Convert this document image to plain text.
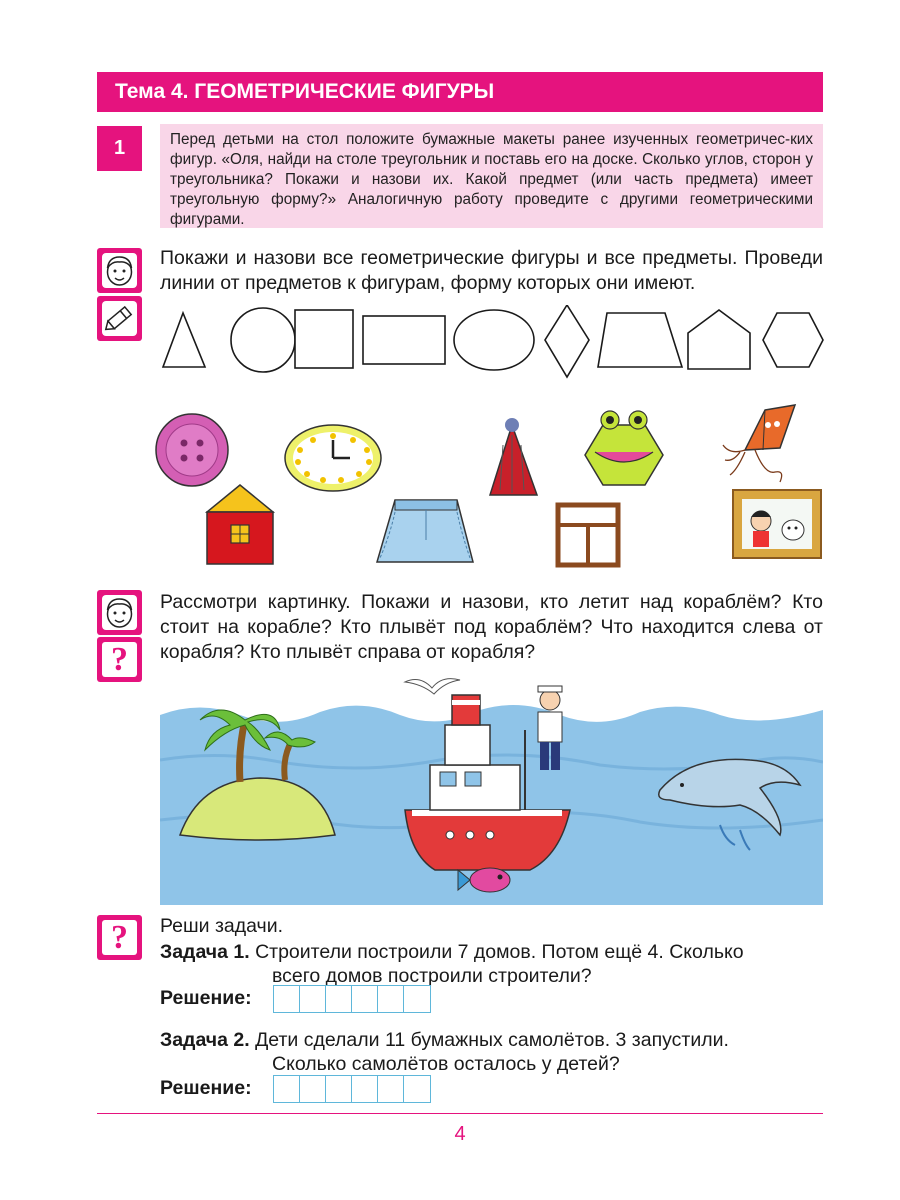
Тема 4. ГЕОМЕТРИЧЕСКИЕ ФИГУРЫ
1	Перед детьми на стол положите бумажные макеты ранее изученных геометричес-ких фигур. «Оля, найди на столе треугольник и поставь его на доске. Сколько углов, сторон у треугольника? Покажи и назови их. Какой предмет (или часть предмета) имеет треугольную форму?» Аналогичную работу проведите с другими геометрическими фигурами.
Покажи и назови все геометрические фигуры и все предметы. Проведи линии от предметов к фигурам, форму которых они имеют.
?
Рассмотри картинку. Покажи и назови, кто летит над кораблём? Кто стоит на корабле? Кто плывёт под кораблём? Что находится слева от корабля? Кто плывёт справа от корабля?
? Реши задачи.
Задача 1. Строители построили 7 домов. Потом ещё 4. Сколько
всего домов построили строители?
Решение:
Задача 2. Дети сделали 11 бумажных самолётов. 3 запустили.
Сколько самолётов осталось у детей?
Решение:
4
